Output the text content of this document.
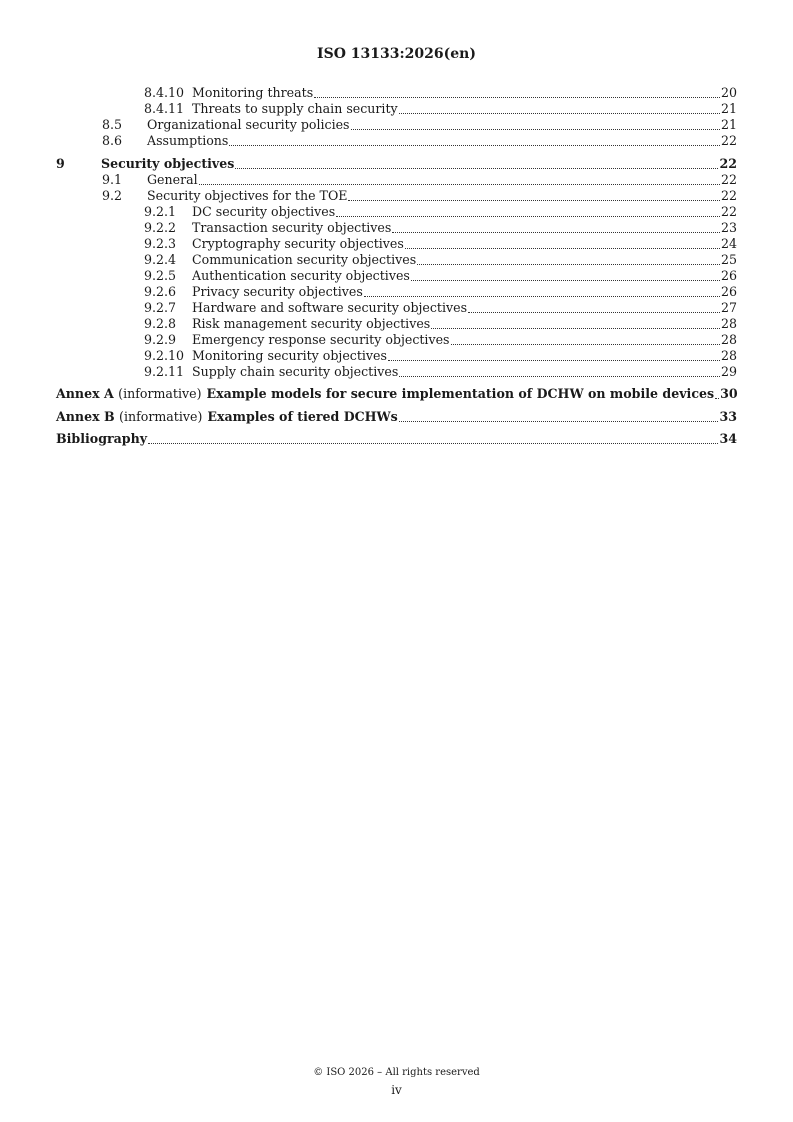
ISO 13133:2026(en)
8.4.10 Monitoring threats	20
8.4.11 Threats to supply chain security	21
8.5	Organizational security policies	21
8.6	Assumptions	22
9	Security objectives	22
9.1	General	22
9.2	Security objectives for the TOE	22
9.2.1	DC security objectives	22
9.2.2	Transaction security objectives	23
9.2.3	Cryptography security objectives	24
9.2.4	Communication security objectives	25
9.2.5	Authentication security objectives	26
9.2.6	Privacy security objectives	26
9.2.7	Hardware and software security objectives	27
9.2.8	Risk management security objectives	28
9.2.9	Emergency response security objectives	28
9.2.10 Monitoring security objectives	28
9.2.11 Supply chain security objectives	29
Annex A (informative) Example models for secure implementation of DCHW on mobile devices 30
Annex B (informative) Examples of tiered DCHWs	33
Bibliography	34
© ISO 2026 – All rights reserved
iv
